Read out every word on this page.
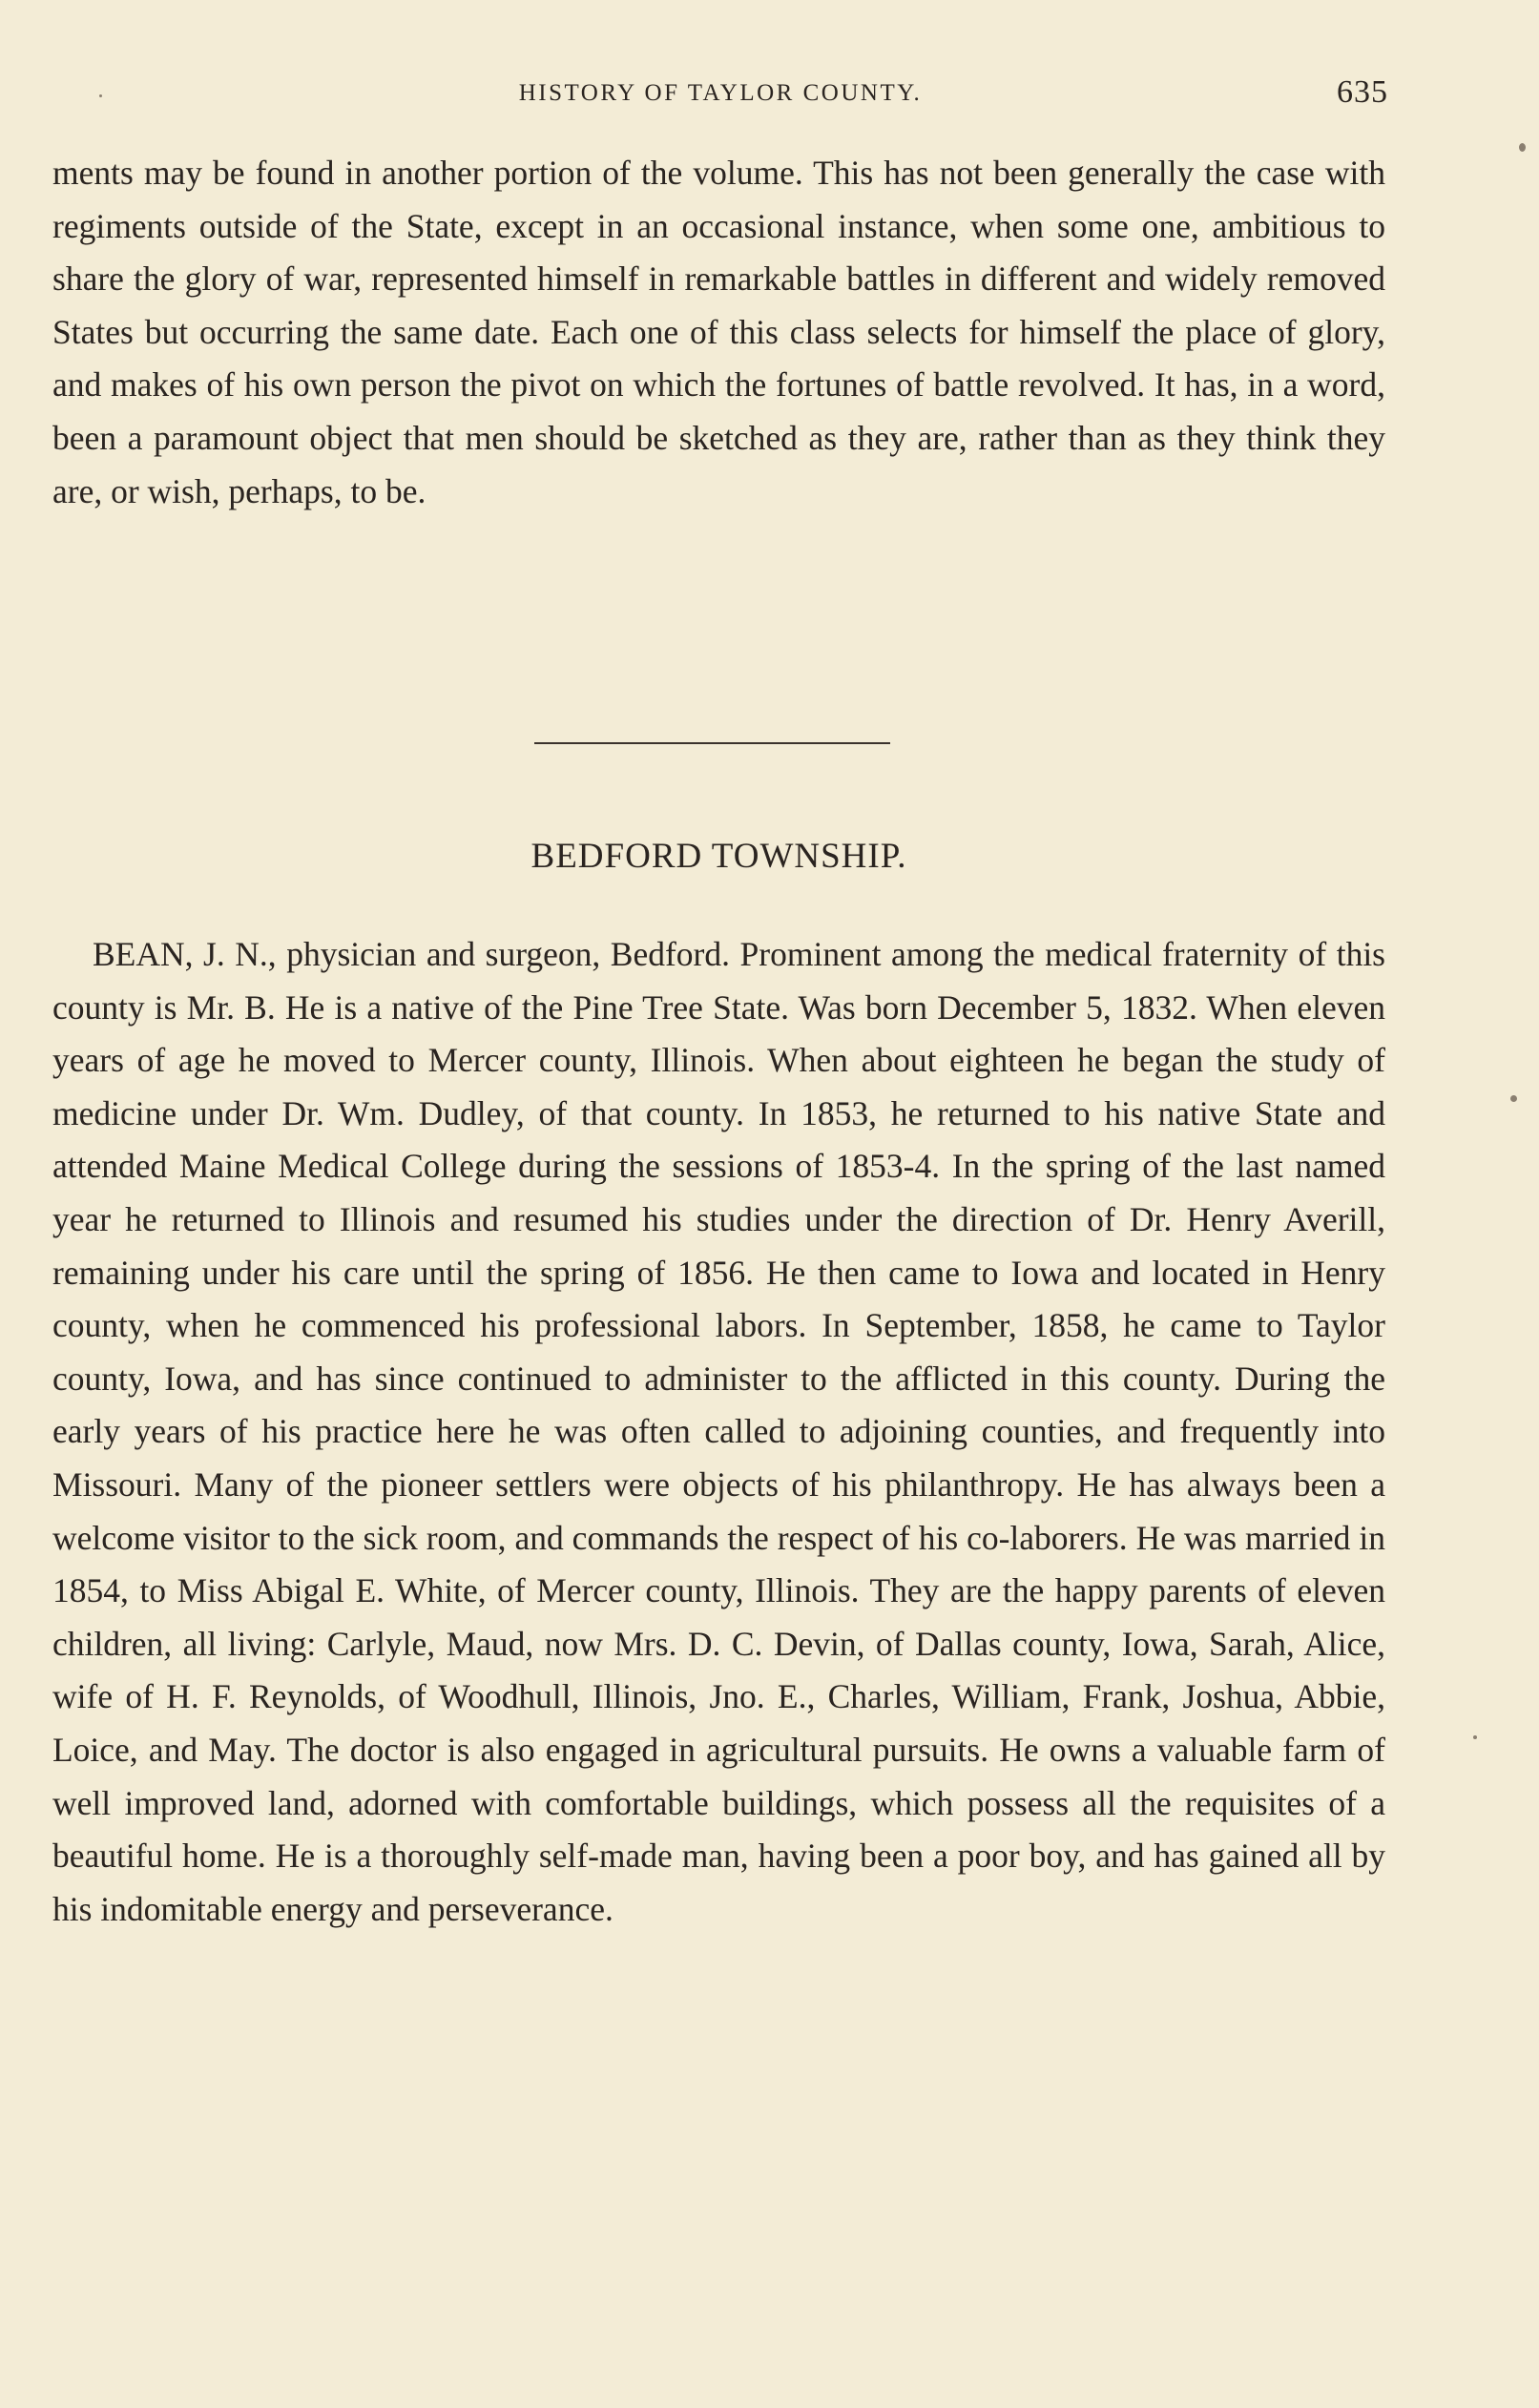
HISTORY OF TAYLOR COUNTY.	635

ments may be found in another portion of the volume. This has not been generally the case with regiments outside of the State, except in an occasional instance, when some one, ambitious to share the glory of war, represented himself in remarkable battles in different and widely removed States but occurring the same date. Each one of this class selects for himself the place of glory, and makes of his own person the pivot on which the fortunes of battle revolved. It has, in a word, been a paramount object that men should be sketched as they are, rather than as they think they are, or wish, perhaps, to be.

BEDFORD TOWNSHIP.

BEAN, J. N., physician and surgeon, Bedford. Prominent among the medical fraternity of this county is Mr. B. He is a native of the Pine Tree State. Was born December 5, 1832. When eleven years of age he moved to Mercer county, Illinois. When about eighteen he began the study of medicine under Dr. Wm. Dudley, of that county. In 1853, he returned to his native State and attended Maine Medical College during the sessions of 1853-4. In the spring of the last named year he returned to Illinois and resumed his studies under the direction of Dr. Henry Averill, remaining under his care until the spring of 1856. He then came to Iowa and located in Henry county, when he commenced his professional labors. In September, 1858, he came to Taylor county, Iowa, and has since continued to administer to the afflicted in this county. During the early years of his practice here he was often called to adjoining counties, and frequently into Missouri. Many of the pioneer settlers were objects of his philanthropy. He has always been a welcome visitor to the sick room, and commands the respect of his co-laborers. He was married in 1854, to Miss Abigal E. White, of Mercer county, Illinois. They are the happy parents of eleven children, all living: Carlyle, Maud, now Mrs. D. C. Devin, of Dallas county, Iowa, Sarah, Alice, wife of H. F. Reynolds, of Woodhull, Illinois, Jno. E., Charles, William, Frank, Joshua, Abbie, Loice, and May. The doctor is also engaged in agricultural pursuits. He owns a valuable farm of well improved land, adorned with comfortable buildings, which possess all the requisites of a beautiful home. He is a thoroughly self-made man, having been a poor boy, and has gained all by his indomitable energy and perseverance.
